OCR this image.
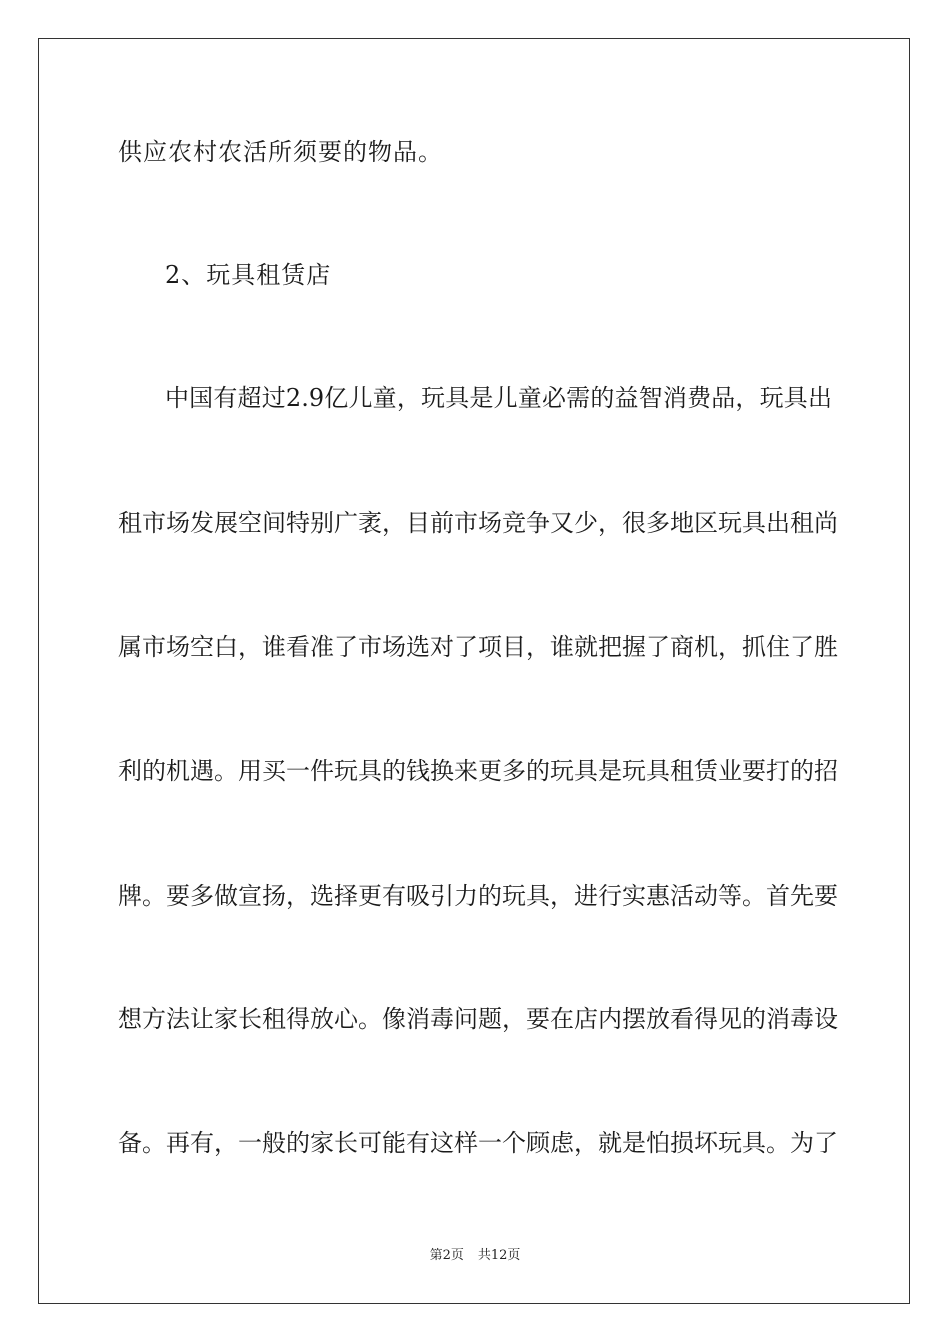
供应农村农活所须要的物品。
2、玩具租赁店
中国有超过2.9亿儿童，玩具是儿童必需的益智消费品，玩具出
租市场发展空间特别广袤，目前市场竞争又少，很多地区玩具出租尚
属市场空白，谁看准了市场选对了项目，谁就把握了商机，抓住了胜
利的机遇。用买一件玩具的钱换来更多的玩具是玩具租赁业要打的招
牌。要多做宣扬，选择更有吸引力的玩具，进行实惠活动等。首先要
想方法让家长租得放心。像消毒问题，要在店内摆放看得见的消毒设
备。再有，一般的家长可能有这样一个顾虑，就是怕损坏玩具。为了
第2页 共12页
